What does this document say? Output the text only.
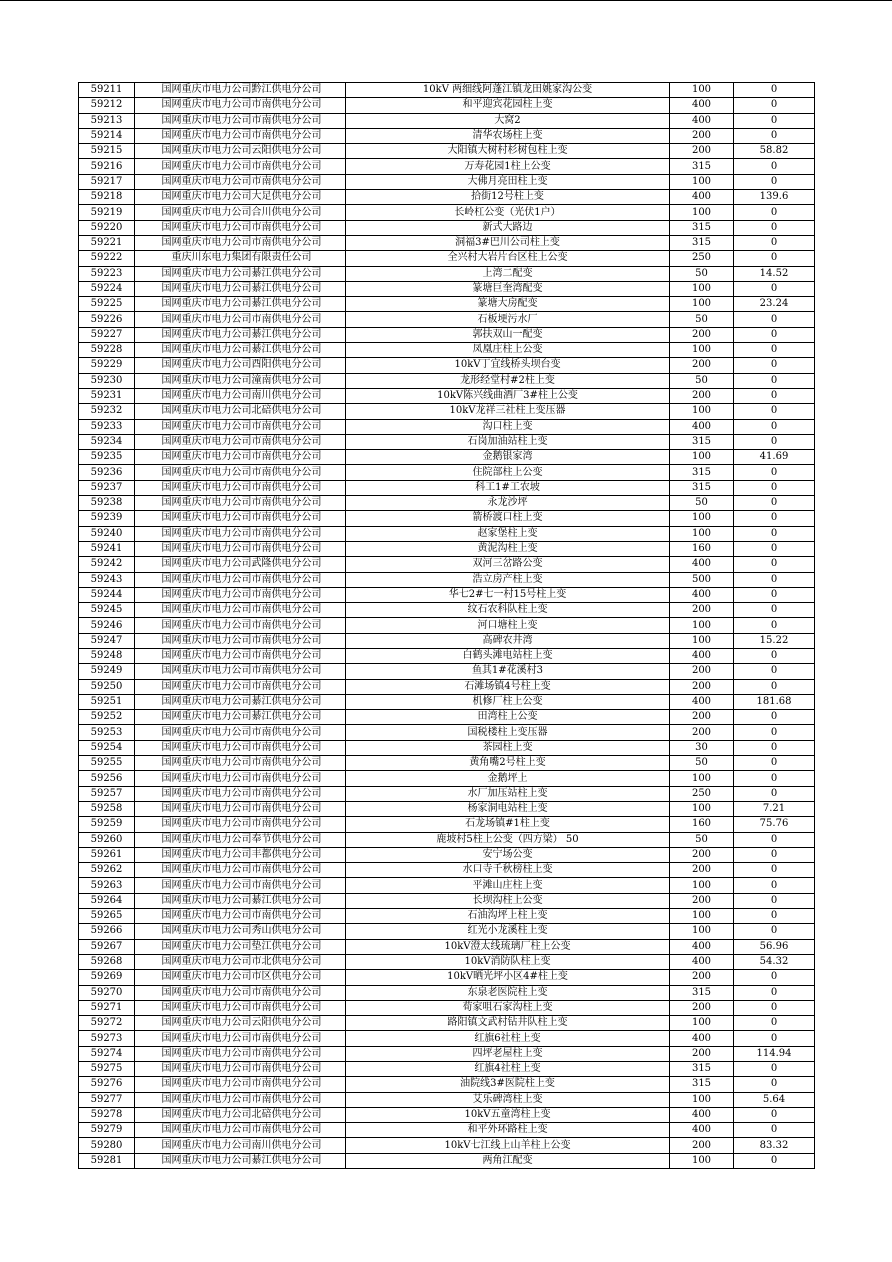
59211	国网重庆市电力公司黔江供电分公司	10kV 两细线阿蓬江镇龙田姚家沟公变	100	0
59212	国网重庆市电力公司市南供电分公司	和平迎宾花园柱上变	400	0
59213	国网重庆市电力公司市南供电分公司	大窝2	400	0
59214	国网重庆市电力公司市南供电分公司	清华农场柱上变	200	0
59215	国网重庆市电力公司云阳供电分公司	大阳镇大树村杉树包柱上变	200	58.82
59216	国网重庆市电力公司市南供电分公司	万寿花园1柱上公变	315	0
59217	国网重庆市电力公司市南供电分公司	大佛月亮田柱上变	100	0
59218	国网重庆市电力公司大足供电分公司	拾街12号柱上变	400	139.6
59219	国网重庆市电力公司合川供电分公司	长岭杠公变（光伏1户）	100	0
59220	国网重庆市电力公司市南供电分公司	新式大路边	315	0
59221	国网重庆市电力公司市南供电分公司	洞福3#巴川公司柱上变	315	0
59222	重庆川东电力集团有限责任公司	全兴村大岩片台区柱上公变	250	0
59223	国网重庆市电力公司綦江供电分公司	上湾二配变	50	14.52
59224	国网重庆市电力公司綦江供电分公司	篆塘巨奎湾配变	100	0
59225	国网重庆市电力公司綦江供电分公司	篆塘大房配变	100	23.24
59226	国网重庆市电力公司市南供电分公司	石板埂污水厂	50	0
59227	国网重庆市电力公司綦江供电分公司	郭扶双山一配变	200	0
59228	国网重庆市电力公司綦江供电分公司	凤凰庄柱上公变	100	0
59229	国网重庆市电力公司酉阳供电分公司	10kV丁宜线桥头坝台变	200	0
59230	国网重庆市电力公司潼南供电分公司	龙形经堂村#2柱上变	50	0
59231	国网重庆市电力公司南川供电分公司	10kV陈兴线曲酒厂3#柱上公变	200	0
59232	国网重庆市电力公司北碚供电分公司	10kV龙祥三社柱上变压器	100	0
59233	国网重庆市电力公司市南供电分公司	沟口柱上变	400	0
59234	国网重庆市电力公司市南供电分公司	石岗加油站柱上变	315	0
59235	国网重庆市电力公司市南供电分公司	金鹅银家湾	100	41.69
59236	国网重庆市电力公司市南供电分公司	住院部柱上公变	315	0
59237	国网重庆市电力公司市南供电分公司	科工1#工农坡	315	0
59238	国网重庆市电力公司市南供电分公司	永龙沙坪	50	0
59239	国网重庆市电力公司市南供电分公司	箭桥渡口柱上变	100	0
59240	国网重庆市电力公司市南供电分公司	赵家堡柱上变	100	0
59241	国网重庆市电力公司市南供电分公司	黄泥沟柱上变	160	0
59242	国网重庆市电力公司武隆供电分公司	双河三岔路公变	400	0
59243	国网重庆市电力公司市南供电分公司	浩立房产柱上变	500	0
59244	国网重庆市电力公司市南供电分公司	华七2#七一村15号柱上变	400	0
59245	国网重庆市电力公司市南供电分公司	纹石农科队柱上变	200	0
59246	国网重庆市电力公司市南供电分公司	河口塘柱上变	100	0
59247	国网重庆市电力公司市南供电分公司	高碑农井湾	100	15.22
59248	国网重庆市电力公司市南供电分公司	白鹤头滩电站柱上变	400	0
59249	国网重庆市电力公司市南供电分公司	鱼其1#花溪村3	200	0
59250	国网重庆市电力公司市南供电分公司	石滩场镇4号柱上变	200	0
59251	国网重庆市电力公司綦江供电分公司	机修厂柱上公变	400	181.68
59252	国网重庆市电力公司綦江供电分公司	田湾柱上公变	200	0
59253	国网重庆市电力公司市南供电分公司	国税楼柱上变压器	200	0
59254	国网重庆市电力公司市南供电分公司	茶园柱上变	30	0
59255	国网重庆市电力公司市南供电分公司	黄角嘴2号柱上变	50	0
59256	国网重庆市电力公司市南供电分公司	金鹅坪上	100	0
59257	国网重庆市电力公司市南供电分公司	水厂加压站柱上变	250	0
59258	国网重庆市电力公司市南供电分公司	杨家洞电站柱上变	100	7.21
59259	国网重庆市电力公司市南供电分公司	石龙场镇#1柱上变	160	75.76
59260	国网重庆市电力公司奉节供电分公司	鹿坡村5柱上公变（四方梁） 50	50	0
59261	国网重庆市电力公司丰都供电分公司	安宁场公变	200	0
59262	国网重庆市电力公司市南供电分公司	水口寺千秋榜柱上变	200	0
59263	国网重庆市电力公司市南供电分公司	平滩山庄柱上变	100	0
59264	国网重庆市电力公司綦江供电分公司	长坝沟柱上公变	200	0
59265	国网重庆市电力公司市南供电分公司	石油沟坪上柱上变	100	0
59266	国网重庆市电力公司秀山供电分公司	红光小龙溪柱上变	100	0
59267	国网重庆市电力公司垫江供电分公司	10kV澄太线琉璃厂柱上公变	400	56.96
59268	国网重庆市电力公司市北供电分公司	10kV消防队柱上变	400	54.32
59269	国网重庆市电力公司市区供电分公司	10kV晒光坪小区4#柱上变	200	0
59270	国网重庆市电力公司市南供电分公司	东泉老医院柱上变	315	0
59271	国网重庆市电力公司市南供电分公司	荀家咀石家沟柱上变	200	0
59272	国网重庆市电力公司云阳供电分公司	路阳镇文武村钻井队柱上变	100	0
59273	国网重庆市电力公司市南供电分公司	红旗6社柱上变	400	0
59274	国网重庆市电力公司市南供电分公司	四坪老屋柱上变	200	114.94
59275	国网重庆市电力公司市南供电分公司	红旗4社柱上变	315	0
59276	国网重庆市电力公司市南供电分公司	油院线3#医院柱上变	315	0
59277	国网重庆市电力公司市南供电分公司	艾乐碑湾柱上变	100	5.64
59278	国网重庆市电力公司北碚供电分公司	10kV五童湾柱上变	400	0
59279	国网重庆市电力公司市南供电分公司	和平外环路柱上变	400	0
59280	国网重庆市电力公司南川供电分公司	10kV七江线上山羊柱上公变	200	83.32
59281	国网重庆市电力公司綦江供电分公司	两角江配变	100	0
